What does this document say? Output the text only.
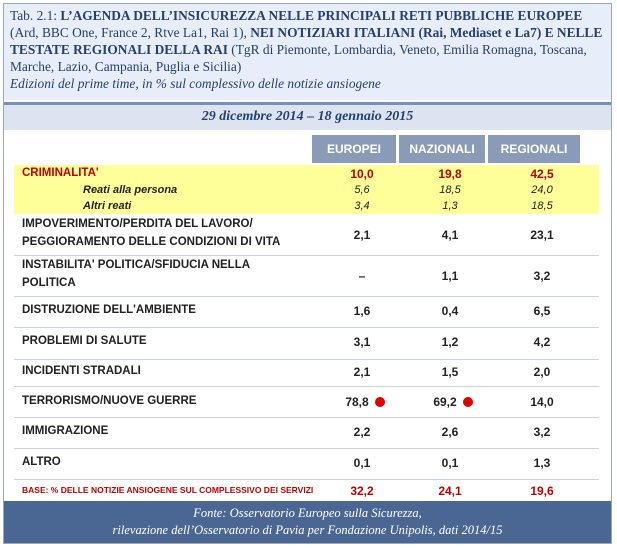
Tab. 2.1: L’AGENDA DELL’INSICUREZZA NELLE PRINCIPALI RETI PUBBLICHE EUROPEE (Ard, BBC One, France 2, Rtve La1, Rai 1), NEI NOTIZIARI ITALIANI (Rai, Mediaset e La7) E NELLE TESTATE REGIONALI DELLA RAI (TgR di Piemonte, Lombardia, Veneto, Emilia Romagna, Toscana, Marche, Lazio, Campania, Puglia e Sicilia)
Edizioni del prime time, in % sul complessivo delle notizie ansiogene
29 dicembre 2014 – 18 gennaio 2015
EUROPEI	NAZIONALI	REGIONALI
CRIMINALITA'	10,0	19,8	42,5
Reati alla persona	5,6	18,5	24,0
Altri reati	3,4	1,3	18,5
IMPOVERIMENTO/PERDITA DEL LAVORO/
PEGGIORAMENTO DELLE CONDIZIONI DI VITA	2,1	4,1	23,1
INSTABILITA' POLITICA/SFIDUCIA NELLA
POLITICA	–	1,1	3,2
DISTRUZIONE DELL'AMBIENTE	1,6	0,4	6,5
PROBLEMI DI SALUTE	3,1	1,2	4,2
INCIDENTI STRADALI	2,1	1,5	2,0
TERRORISMO/NUOVE GUERRE	78,8	69,2	14,0
IMMIGRAZIONE	2,2	2,6	3,2
ALTRO	0,1	0,1	1,3
BASE: % DELLE NOTIZIE ANSIOGENE SUL COMPLESSIVO DEI SERVIZI	32,2	24,1	19,6
Fonte: Osservatorio Europeo sulla Sicurezza,
rilevazione dell’Osservatorio di Pavia per Fondazione Unipolis, dati 2014/15
